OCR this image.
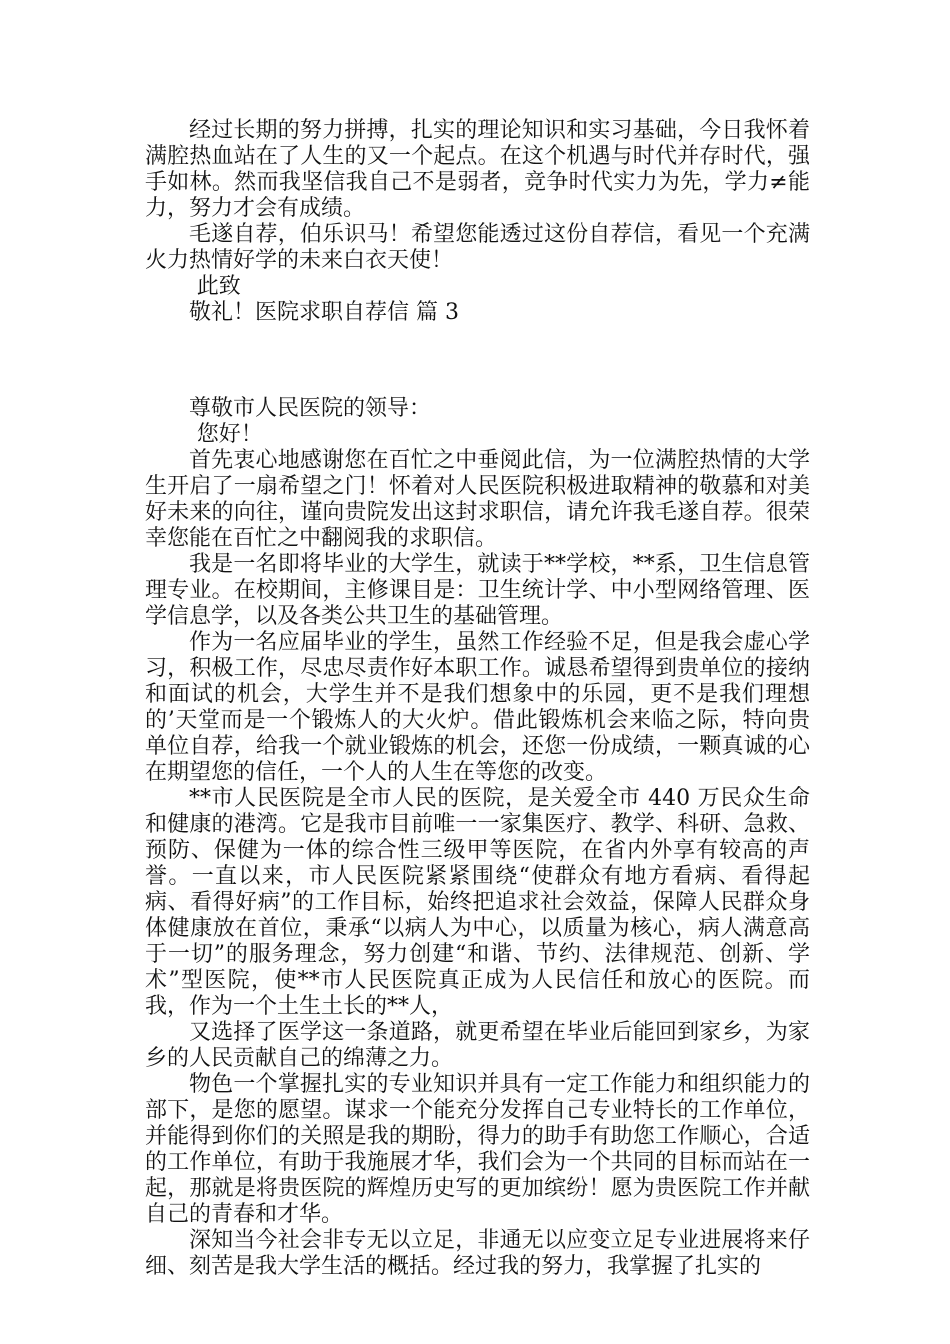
经过长期的努力拼搏，扎实的理论知识和实习基础，今日我怀着满腔热血站在了人生的又一个起点。在这个机遇与时代并存时代，强手如林。然而我坚信我自己不是弱者，竞争时代实力为先，学力≠能力，努力才会有成绩。

毛遂自荐，伯乐识马！希望您能透过这份自荐信，看见一个充满火力热情好学的未来白衣天使！

此致

敬礼！医院求职自荐信 篇 3

尊敬市人民医院的领导：

您好！

首先衷心地感谢您在百忙之中垂阅此信，为一位满腔热情的大学生开启了一扇希望之门！怀着对人民医院积极进取精神的敬慕和对美好未来的向往，谨向贵院发出这封求职信，请允许我毛遂自荐。很荣幸您能在百忙之中翻阅我的求职信。

我是一名即将毕业的大学生，就读于**学校，**系，卫生信息管理专业。在校期间，主修课目是：卫生统计学、中小型网络管理、医学信息学，以及各类公共卫生的基础管理。

作为一名应届毕业的学生，虽然工作经验不足，但是我会虚心学习，积极工作，尽忠尽责作好本职工作。诚恳希望得到贵单位的接纳和面试的机会，大学生并不是我们想象中的乐园，更不是我们理想的’天堂而是一个锻炼人的大火炉。借此锻炼机会来临之际，特向贵单位自荐，给我一个就业锻炼的机会，还您一份成绩，一颗真诚的心在期望您的信任，一个人的人生在等您的改变。

**市人民医院是全市人民的医院，是关爱全市 440 万民众生命和健康的港湾。它是我市目前唯一一家集医疗、教学、科研、急救、预防、保健为一体的综合性三级甲等医院，在省内外享有较高的声誉。一直以来，市人民医院紧紧围绕“使群众有地方看病、看得起病、看得好病”的工作目标，始终把追求社会效益，保障人民群众身体健康放在首位，秉承“以病人为中心，以质量为核心，病人满意高于一切”的服务理念，努力创建“和谐、节约、法律规范、创新、学术”型医院，使**市人民医院真正成为人民信任和放心的医院。而我，作为一个土生土长的**人，

又选择了医学这一条道路，就更希望在毕业后能回到家乡，为家乡的人民贡献自己的绵薄之力。

物色一个掌握扎实的专业知识并具有一定工作能力和组织能力的部下，是您的愿望。谋求一个能充分发挥自己专业特长的工作单位，并能得到你们的关照是我的期盼，得力的助手有助您工作顺心，合适的工作单位，有助于我施展才华，我们会为一个共同的目标而站在一起，那就是将贵医院的辉煌历史写的更加缤纷！愿为贵医院工作并献自己的青春和才华。

深知当今社会非专无以立足，非通无以应变立足专业进展将来仔细、刻苦是我大学生活的概括。经过我的努力，我掌握了扎实的
